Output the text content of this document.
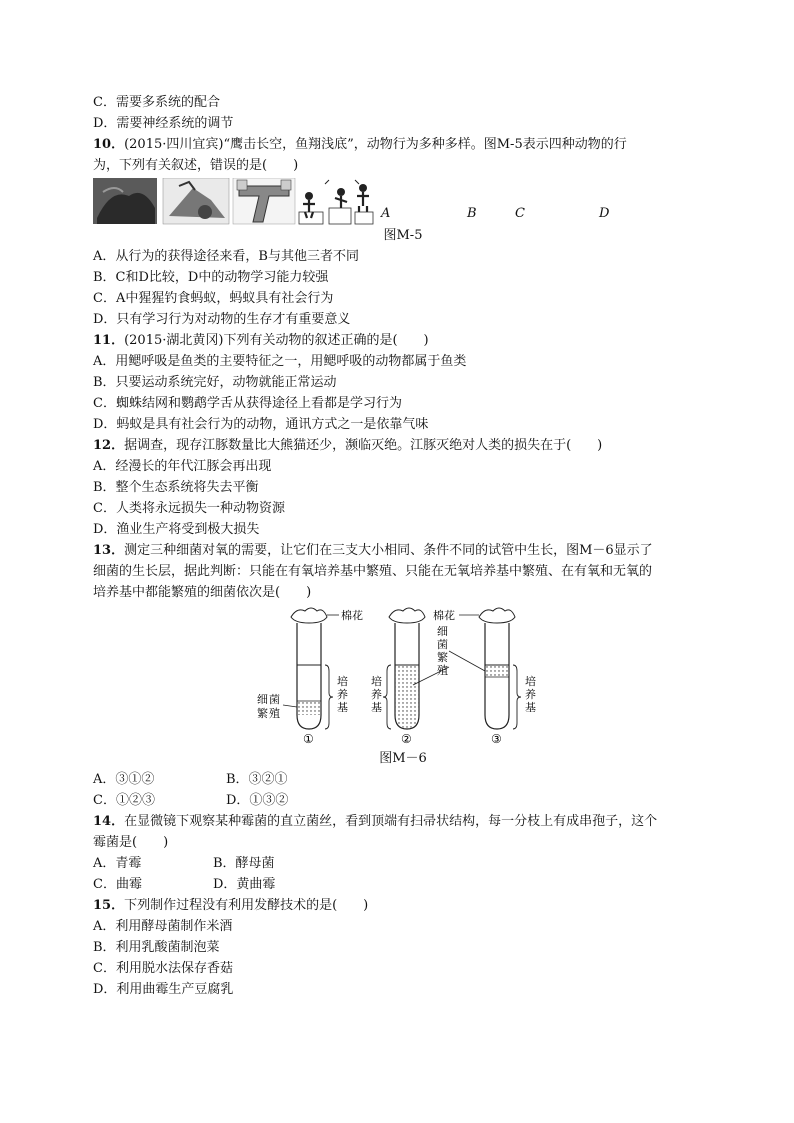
C．需要多系统的配合
D．需要神经系统的调节
10．(2015·四川宜宾)“鹰击长空，鱼翔浅底”，动物行为多种多样。图M-5表示四种动物的行
为，下列有关叙述，错误的是(　　)
A	B	C	D
图M-5
A．从行为的获得途径来看，B与其他三者不同
B．C和D比较，D中的动物学习能力较强
C．A中猩猩钓食蚂蚁，蚂蚁具有社会行为
D．只有学习行为对动物的生存才有重要意义
11．(2015·湖北黄冈)下列有关动物的叙述正确的是(　　)
A．用鳃呼吸是鱼类的主要特征之一，用鳃呼吸的动物都属于鱼类
B．只要运动系统完好，动物就能正常运动
C．蜘蛛结网和鹦鹉学舌从获得途径上看都是学习行为
D．蚂蚁是具有社会行为的动物，通讯方式之一是依靠气味
12．据调查，现存江豚数量比大熊猫还少，濒临灭绝。江豚灭绝对人类的损失在于(　　)
A．经漫长的年代江豚会再出现
B．整个生态系统将失去平衡
C．人类将永远损失一种动物资源
D．渔业生产将受到极大损失
13．测定三种细菌对氧的需要，让它们在三支大小相同、条件不同的试管中生长，图M－6显示了
细菌的生长层，据此判断：只能在有氧培养基中繁殖、只能在无氧培养基中繁殖、在有氧和无氧的
培养基中都能繁殖的细菌依次是(　　)
棉花	棉花
培
养
基
培
养
基
培
养
基
细 菌
繁 殖
细
菌
繁
殖
①	②	③
图M－6
A．③①②	B．③②①
C．①②③	D．①③②
14．在显微镜下观察某种霉菌的直立菌丝，看到顶端有扫帚状结构，每一分枝上有成串孢子，这个
霉菌是(　　)
A．青霉	B．酵母菌
C．曲霉	D．黄曲霉
15．下列制作过程没有利用发酵技术的是(　　)
A．利用酵母菌制作米酒
B．利用乳酸菌制泡菜
C．利用脱水法保存香菇
D．利用曲霉生产豆腐乳
